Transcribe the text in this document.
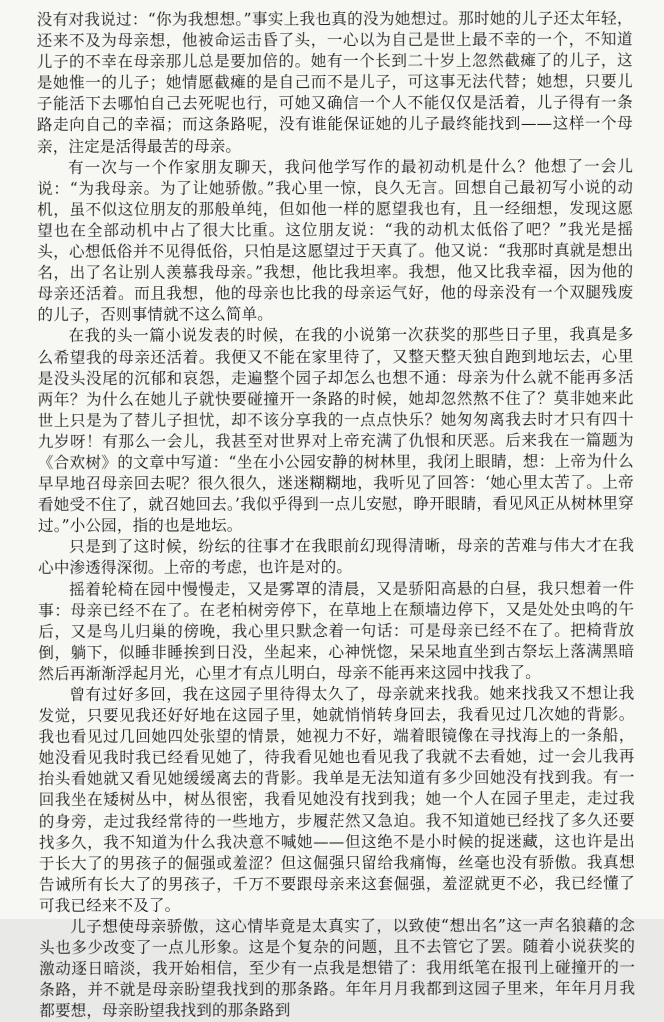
没有对我说过：“你为我想想。”事实上我也真的没为她想过。那时她的儿子还太年轻，还来不及为母亲想，他被命运击昏了头，一心以为自己是世上最不幸的一个，不知道儿子的不幸在母亲那儿总是要加倍的。她有一个长到二十岁上忽然截瘫了的儿子，这是她惟一的儿子；她情愿截瘫的是自己而不是儿子，可这事无法代替；她想，只要儿子能活下去哪怕自己去死呢也行，可她又确信一个人不能仅仅是活着，儿子得有一条路走向自己的幸福；而这条路呢，没有谁能保证她的儿子最终能找到——这样一个母亲，注定是活得最苦的母亲。

有一次与一个作家朋友聊天，我问他学写作的最初动机是什么？他想了一会儿说：“为我母亲。为了让她骄傲。”我心里一惊，良久无言。回想自己最初写小说的动机，虽不似这位朋友的那般单纯，但如他一样的愿望我也有，且一经细想，发现这愿望也在全部动机中占了很大比重。这位朋友说：“我的动机太低俗了吧？”我光是摇头，心想低俗并不见得低俗，只怕是这愿望过于天真了。他又说：“我那时真就是想出名，出了名让别人羡慕我母亲。”我想，他比我坦率。我想，他又比我幸福，因为他的母亲还活着。而且我想，他的母亲也比我的母亲运气好，他的母亲没有一个双腿残废的儿子，否则事情就不这么简单。

在我的头一篇小说发表的时候，在我的小说第一次获奖的那些日子里，我真是多么希望我的母亲还活着。我便又不能在家里待了，又整天整天独自跑到地坛去，心里是没头没尾的沉郁和哀怨，走遍整个园子却怎么也想不通：母亲为什么就不能再多活两年？为什么在她儿子就快要碰撞开一条路的时候，她却忽然熬不住了？莫非她来此世上只是为了替儿子担忧，却不该分享我的一点点快乐？她匆匆离我去时才只有四十九岁呀！有那么一会儿，我甚至对世界对上帝充满了仇恨和厌恶。后来我在一篇题为《合欢树》的文章中写道：“坐在小公园安静的树林里，我闭上眼睛，想：上帝为什么早早地召母亲回去呢？很久很久，迷迷糊糊地，我听见了回答：‘她心里太苦了。上帝看她受不住了，就召她回去。’我似乎得到一点儿安慰，睁开眼睛，看见风正从树林里穿过。”小公园，指的也是地坛。

只是到了这时候，纷纭的往事才在我眼前幻现得清晰，母亲的苦难与伟大才在我心中渗透得深彻。上帝的考虑，也许是对的。

摇着轮椅在园中慢慢走，又是雾罩的清晨，又是骄阳高悬的白昼，我只想着一件事：母亲已经不在了。在老柏树旁停下，在草地上在颓墙边停下，又是处处虫鸣的午后，又是鸟儿归巢的傍晚，我心里只默念着一句话：可是母亲已经不在了。把椅背放倒，躺下，似睡非睡挨到日没，坐起来，心神恍惚，呆呆地直坐到古祭坛上落满黑暗然后再渐渐浮起月光，心里才有点儿明白，母亲不能再来这园中找我了。

曾有过好多回，我在这园子里待得太久了，母亲就来找我。她来找我又不想让我发觉，只要见我还好好地在这园子里，她就悄悄转身回去，我看见过几次她的背影。我也看见过几回她四处张望的情景，她视力不好，端着眼镜像在寻找海上的一条船，她没看见我时我已经看见她了，待我看见她也看见我了我就不去看她，过一会儿我再抬头看她就又看见她缓缓离去的背影。我单是无法知道有多少回她没有找到我。有一回我坐在矮树丛中，树丛很密，我看见她没有找到我；她一个人在园子里走，走过我的身旁，走过我经常待的一些地方，步履茫然又急迫。我不知道她已经找了多久还要找多久，我不知道为什么我决意不喊她——但这绝不是小时候的捉迷藏，这也许是出于长大了的男孩子的倔强或羞涩？但这倔强只留给我痛悔，丝毫也没有骄傲。我真想告诫所有长大了的男孩子，千万不要跟母亲来这套倔强，羞涩就更不必，我已经懂了可我已经来不及了。

儿子想使母亲骄傲，这心情毕竟是太真实了，以致使“想出名”这一声名狼藉的念头也多少改变了一点儿形象。这是个复杂的问题，且不去管它了罢。随着小说获奖的激动逐日暗淡，我开始相信，至少有一点我是想错了：我用纸笔在报刊上碰撞开的一条路，并不就是母亲盼望我找到的那条路。年年月月我都到这园子里来，年年月月我都要想，母亲盼望我找到的那条路到
